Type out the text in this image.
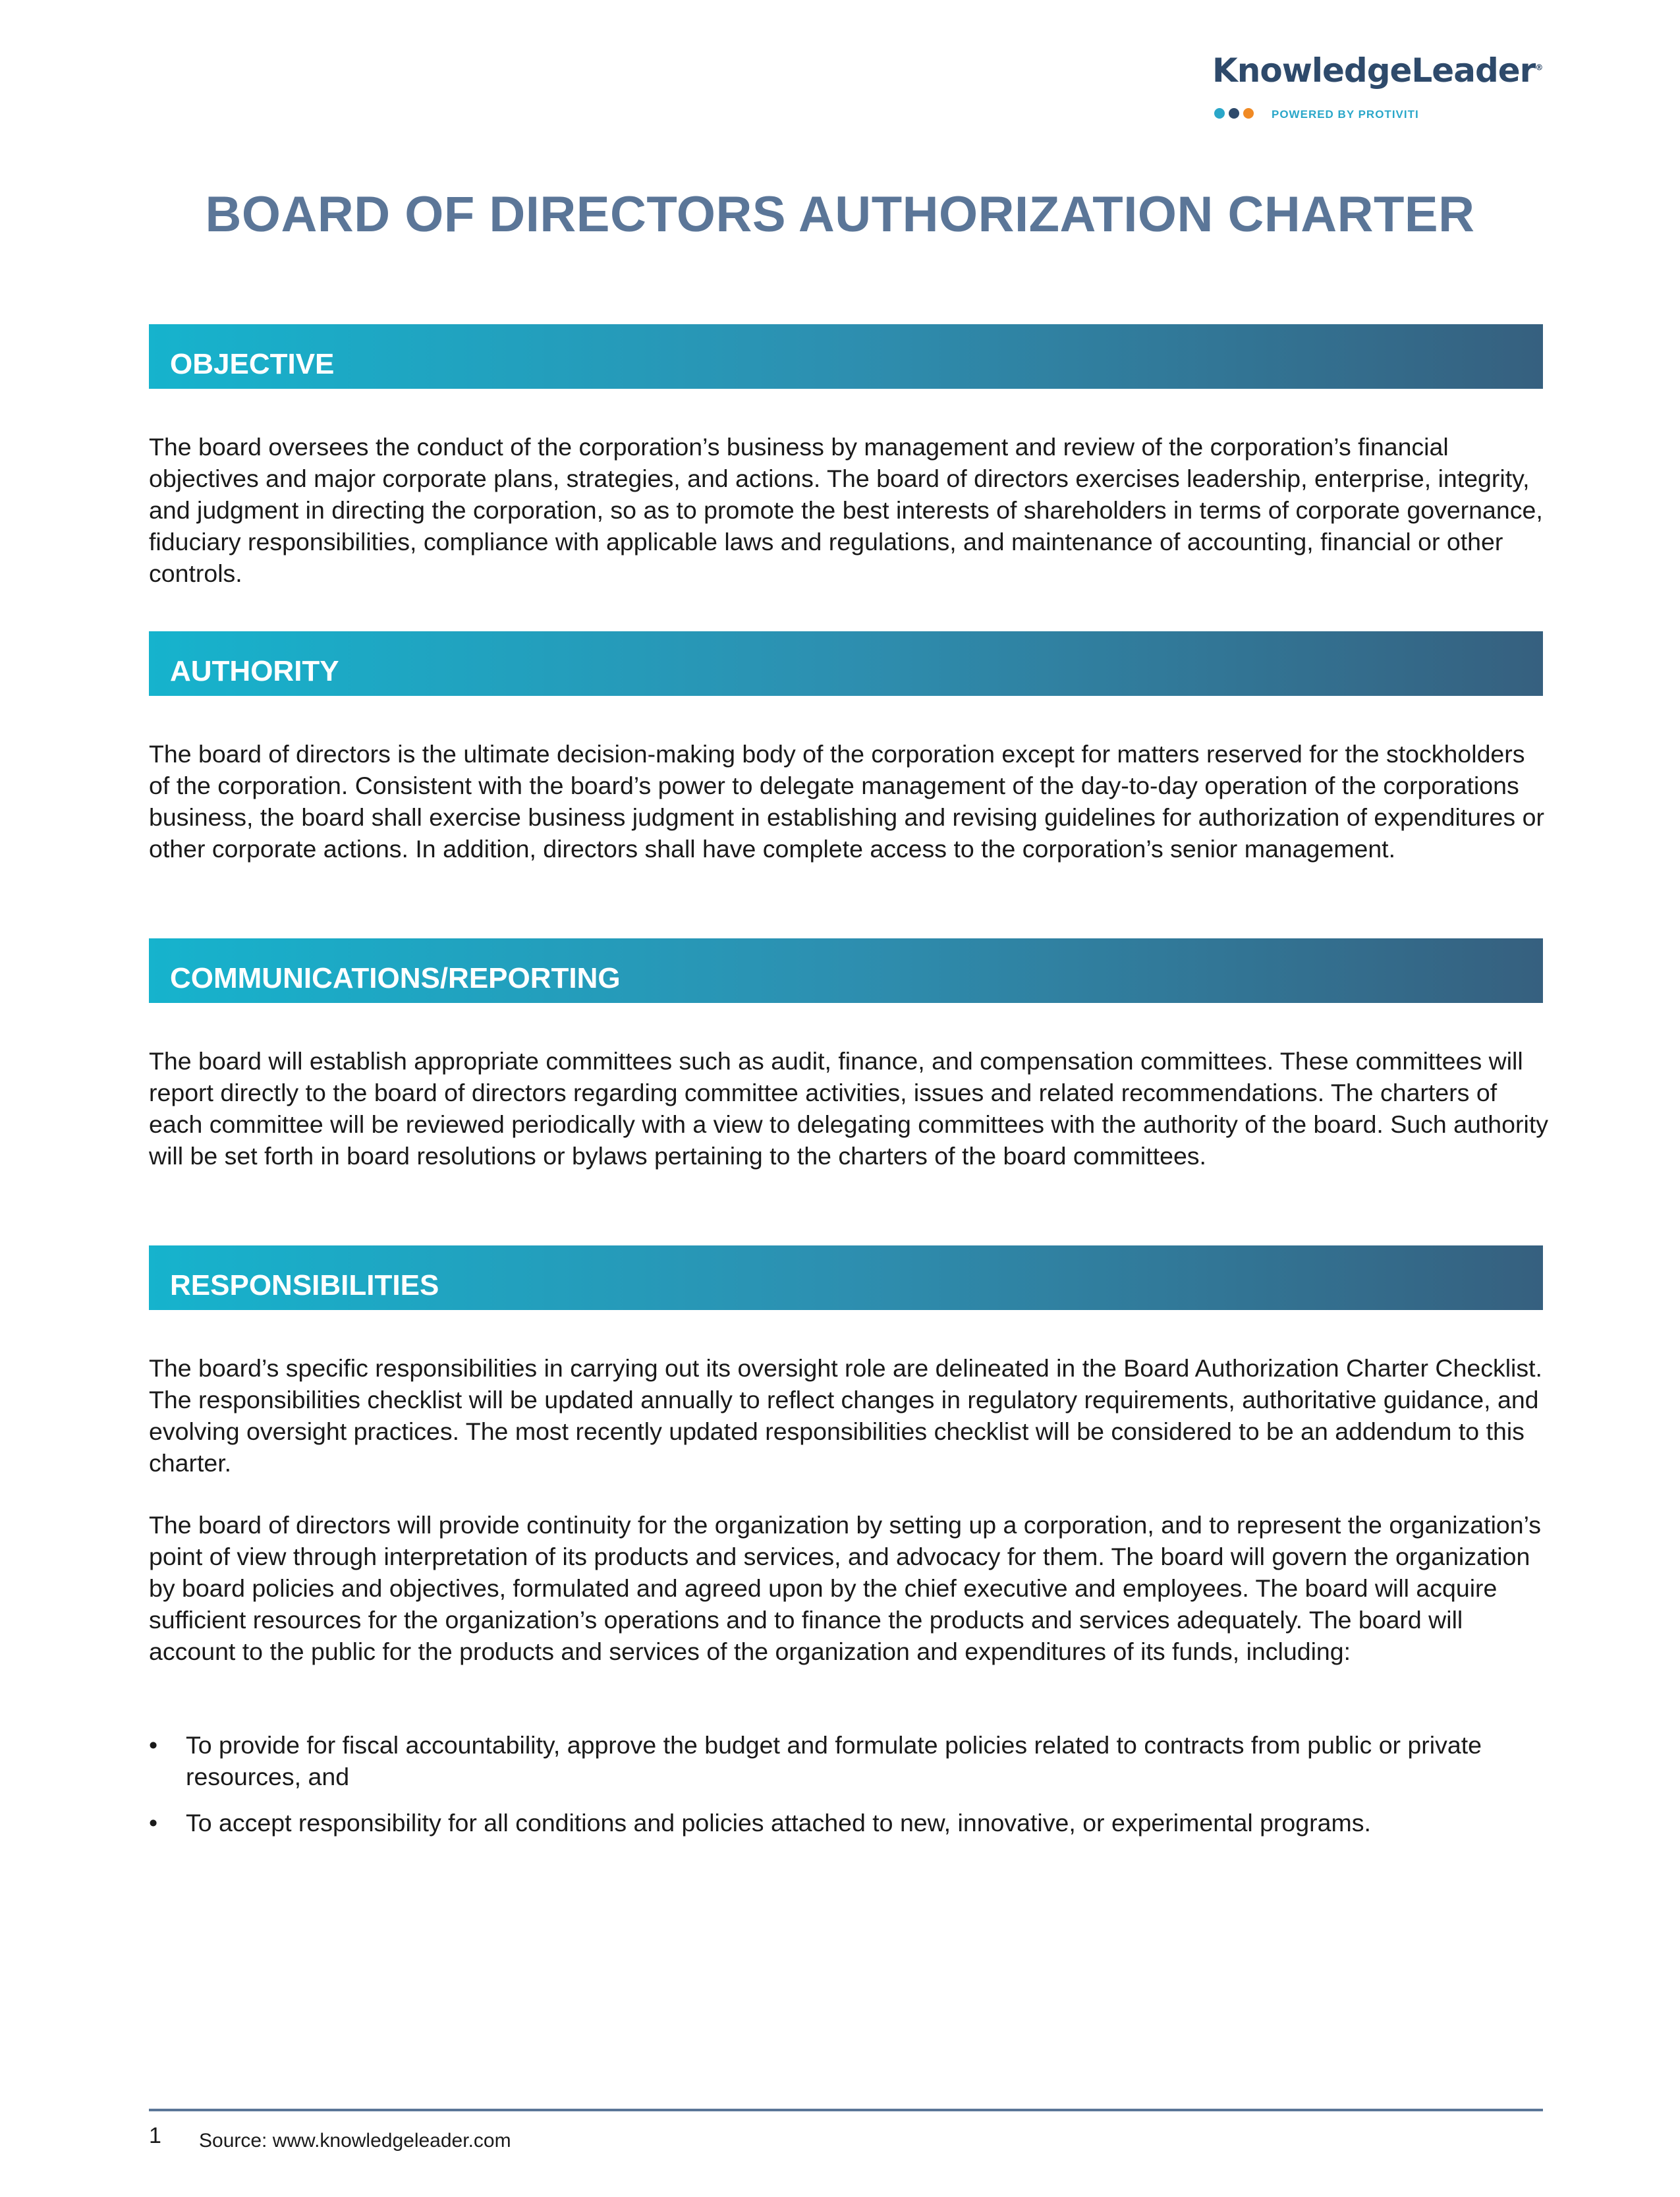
KnowledgeLeader®
POWERED BY PROTIVITI
BOARD OF DIRECTORS AUTHORIZATION CHARTER
OBJECTIVE

The board oversees the conduct of the corporation’s business by management and review of the corporation’s financial objectives and major corporate plans, strategies, and actions. The board of directors exercises leadership, enterprise, integrity, and judgment in directing the corporation, so as to promote the best interests of shareholders in terms of corporate governance, fiduciary responsibilities, compliance with applicable laws and regulations, and maintenance of accounting, financial or other controls.

AUTHORITY

The board of directors is the ultimate decision-making body of the corporation except for matters reserved for the stockholders of the corporation. Consistent with the board’s power to delegate management of the day-to-day operation of the corporations business, the board shall exercise business judgment in establishing and revising guidelines for authorization of expenditures or other corporate actions. In addition, directors shall have complete access to the corporation’s senior management.

COMMUNICATIONS/REPORTING

The board will establish appropriate committees such as audit, finance, and compensation committees. These committees will report directly to the board of directors regarding committee activities, issues and related recommendations. The charters of each committee will be reviewed periodically with a view to delegating committees with the authority of the board. Such authority will be set forth in board resolutions or bylaws pertaining to the charters of the board committees.

RESPONSIBILITIES

The board’s specific responsibilities in carrying out its oversight role are delineated in the Board Authorization Charter Checklist. The responsibilities checklist will be updated annually to reflect changes in regulatory requirements, authoritative guidance, and evolving oversight practices. The most recently updated responsibilities checklist will be considered to be an addendum to this charter.

The board of directors will provide continuity for the organization by setting up a corporation, and to represent the organization’s point of view through interpretation of its products and services, and advocacy for them. The board will govern the organization by board policies and objectives, formulated and agreed upon by the chief executive and employees. The board will acquire sufficient resources for the organization’s operations and to finance the products and services adequately. The board will account to the public for the products and services of the organization and expenditures of its funds, including:

• To provide for fiscal accountability, approve the budget and formulate policies related to contracts from public or private resources, and
• To accept responsibility for all conditions and policies attached to new, innovative, or experimental programs.
1 Source: www.knowledgeleader.com
